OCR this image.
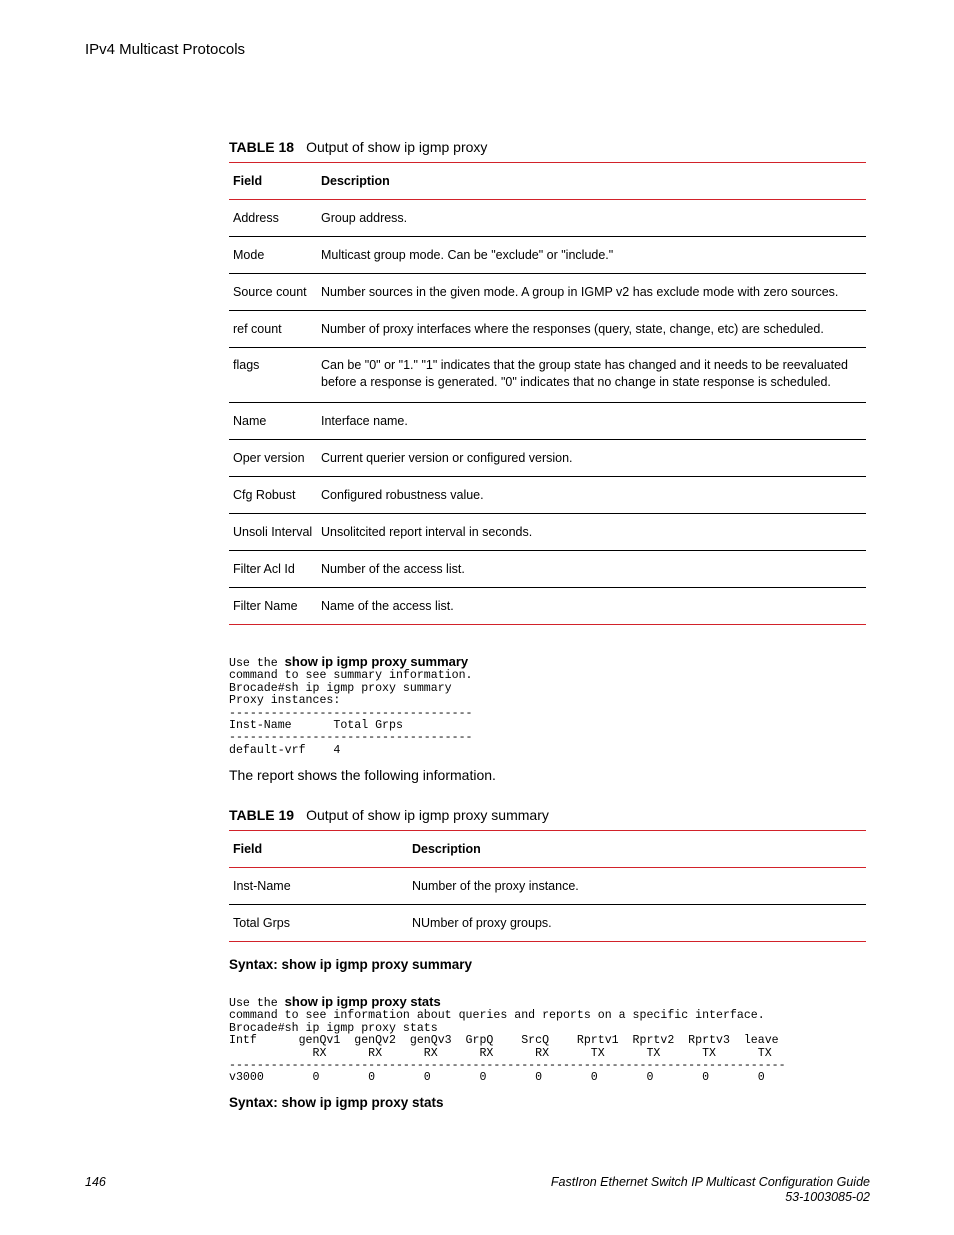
IPv4 Multicast Protocols
TABLE 18 Output of show ip igmp proxy
Field	Description
Address	Group address.
Mode	Multicast group mode. Can be "exclude" or "include."
Source count	Number sources in the given mode. A group in IGMP v2 has exclude mode with zero sources.
ref count	Number of proxy interfaces where the responses (query, state, change, etc) are scheduled.
flags	Can be "0" or "1." "1" indicates that the group state has changed and it needs to be reevaluated
before a response is generated. "0" indicates that no change in state response is scheduled.

Name	Interface name.
Oper version	Current querier version or configured version.
Cfg Robust	Configured robustness value.
Unsoli Interval	Unsolitcited report interval in seconds.
Filter Acl Id	Number of the access list.
Filter Name	Name of the access list.
Use the show ip igmp proxy summary
command to see summary information.
Brocade#sh ip igmp proxy summary
Proxy instances:
-----------------------------------
Inst-Name      Total Grps
-----------------------------------
default-vrf    4
The report shows the following information.
TABLE 19 Output of show ip igmp proxy summary
Field	Description
Inst-Name	Number of the proxy instance.
Total Grps	NUmber of proxy groups.
Syntax: show ip igmp proxy summary
Use the show ip igmp proxy stats
command to see information about queries and reports on a specific interface.
Brocade#sh ip igmp proxy stats
Intf      genQv1  genQv2  genQv3  GrpQ    SrcQ    Rprtv1  Rprtv2  Rprtv3  leave
RX      RX      RX      RX      RX      TX      TX      TX      TX
--------------------------------------------------------------------------------
v3000       0       0       0       0       0       0       0       0       0
Syntax: show ip igmp proxy stats
146	FastIron Ethernet Switch IP Multicast Configuration Guide
53-1003085-02
